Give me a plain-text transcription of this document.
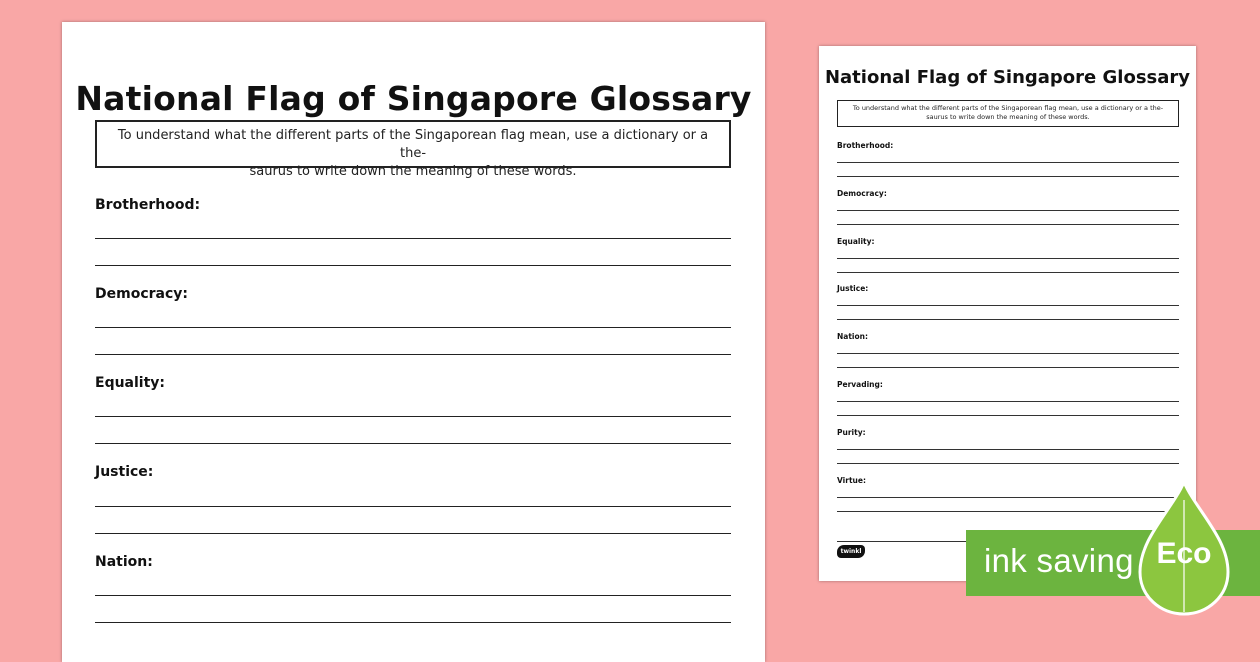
National Flag of Singapore Glossary
To understand what the different parts of the Singaporean flag mean, use a dictionary or a the-
saurus to write down the meaning of these words.
Brotherhood:
Democracy:
Equality:
Justice:
Nation:
National Flag of Singapore Glossary
To understand what the different parts of the Singaporean flag mean, use a dictionary or a the-
saurus to write down the meaning of these words.
Brotherhood:
Democracy:
Equality:
Justice:
Nation:
Pervading:
Purity:
Virtue:
twinkl	ink saving Eco
